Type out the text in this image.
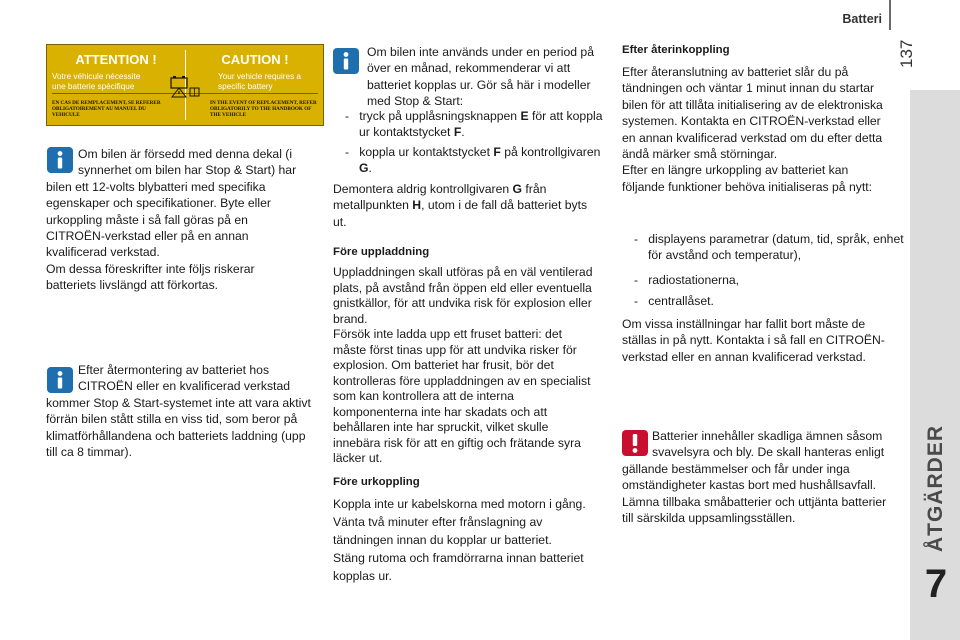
Batteri
137
ÅTGÄRDER
7
ATTENTION !
Votre véhicule nécessite une batterie spécifique
EN CAS DE REMPLACEMENT, SE REFERER OBLIGATOIREMENT AU MANUEL DU VEHICULE
CAUTION !
Your vehicle requires a specific battery
IN THE EVENT OF REPLACEMENT, REFER OBLIGATORILY TO THE HANDBOOK OF THE VEHICLE
Om bilen är försedd med denna dekal (i synnerhet om bilen har Stop & Start) har bilen ett 12-volts blybatteri med specifika egenskaper och specifikationer. Byte eller urkoppling måste i så fall göras på en CITROËN-verkstad eller på en annan kvalificerad verkstad.
Om dessa föreskrifter inte följs riskerar batteriets livslängd att förkortas.
Efter återmontering av batteriet hos CITROËN eller en kvalificerad verkstad kommer Stop & Start-systemet inte att vara aktivt förrän bilen stått stilla en viss tid, som beror på klimatförhållandena och batteriets laddning (upp till ca 8 timmar).
Om bilen inte används under en period på över en månad, rekommenderar vi att batteriet kopplas ur. Gör så här i modeller med Stop & Start:
-   tryck på upplåsningsknappen E för att koppla ur kontaktstycket F.
-   koppla ur kontaktstycket F på kontrollgivaren G.
Demontera aldrig kontrollgivaren G från metallpunkten H, utom i de fall då batteriet byts ut.
Före uppladdning
Uppladdningen skall utföras på en väl ventilerad plats, på avstånd från öppen eld eller eventuella gnistkällor, för att undvika risk för explosion eller brand.
Försök inte ladda upp ett fruset batteri: det måste först tinas upp för att undvika risker för explosion. Om batteriet har frusit, bör det kontrolleras före uppladdningen av en specialist som kan kontrollera att de interna komponenterna inte har skadats och att behållaren inte har spruckit, vilket skulle innebära risk för att en giftig och frätande syra läcker ut.
Före urkoppling
Koppla inte ur kabelskorna med motorn i gång.
Vänta två minuter efter frånslagning av tändningen innan du kopplar ur batteriet.
Stäng rutoma och framdörrarna innan batteriet kopplas ur.
Efter återinkoppling
Efter återanslutning av batteriet slår du på tändningen och väntar 1 minut innan du startar bilen för att tillåta initialisering av de elektroniska systemen. Kontakta en CITROËN-verkstad eller en annan kvalificerad verkstad om du efter detta ändå märker små störningar.
Efter en längre urkoppling av batteriet kan följande funktioner behöva initialiseras på nytt:
-   displayens parametrar (datum, tid, språk, enhet för avstånd och temperatur),
-   radiostationerna,
-   centrallåset.
Om vissa inställningar har fallit bort måste de ställas in på nytt. Kontakta i så fall en CITROËN-verkstad eller en annan kvalificerad verkstad.
Batterier innehåller skadliga ämnen såsom svavelsyra och bly. De skall hanteras enligt gällande bestämmelser och får under inga omständigheter kastas bort med hushållsavfall.
Lämna tillbaka småbatterier och uttjänta batterier till särskilda uppsamlingsställen.
